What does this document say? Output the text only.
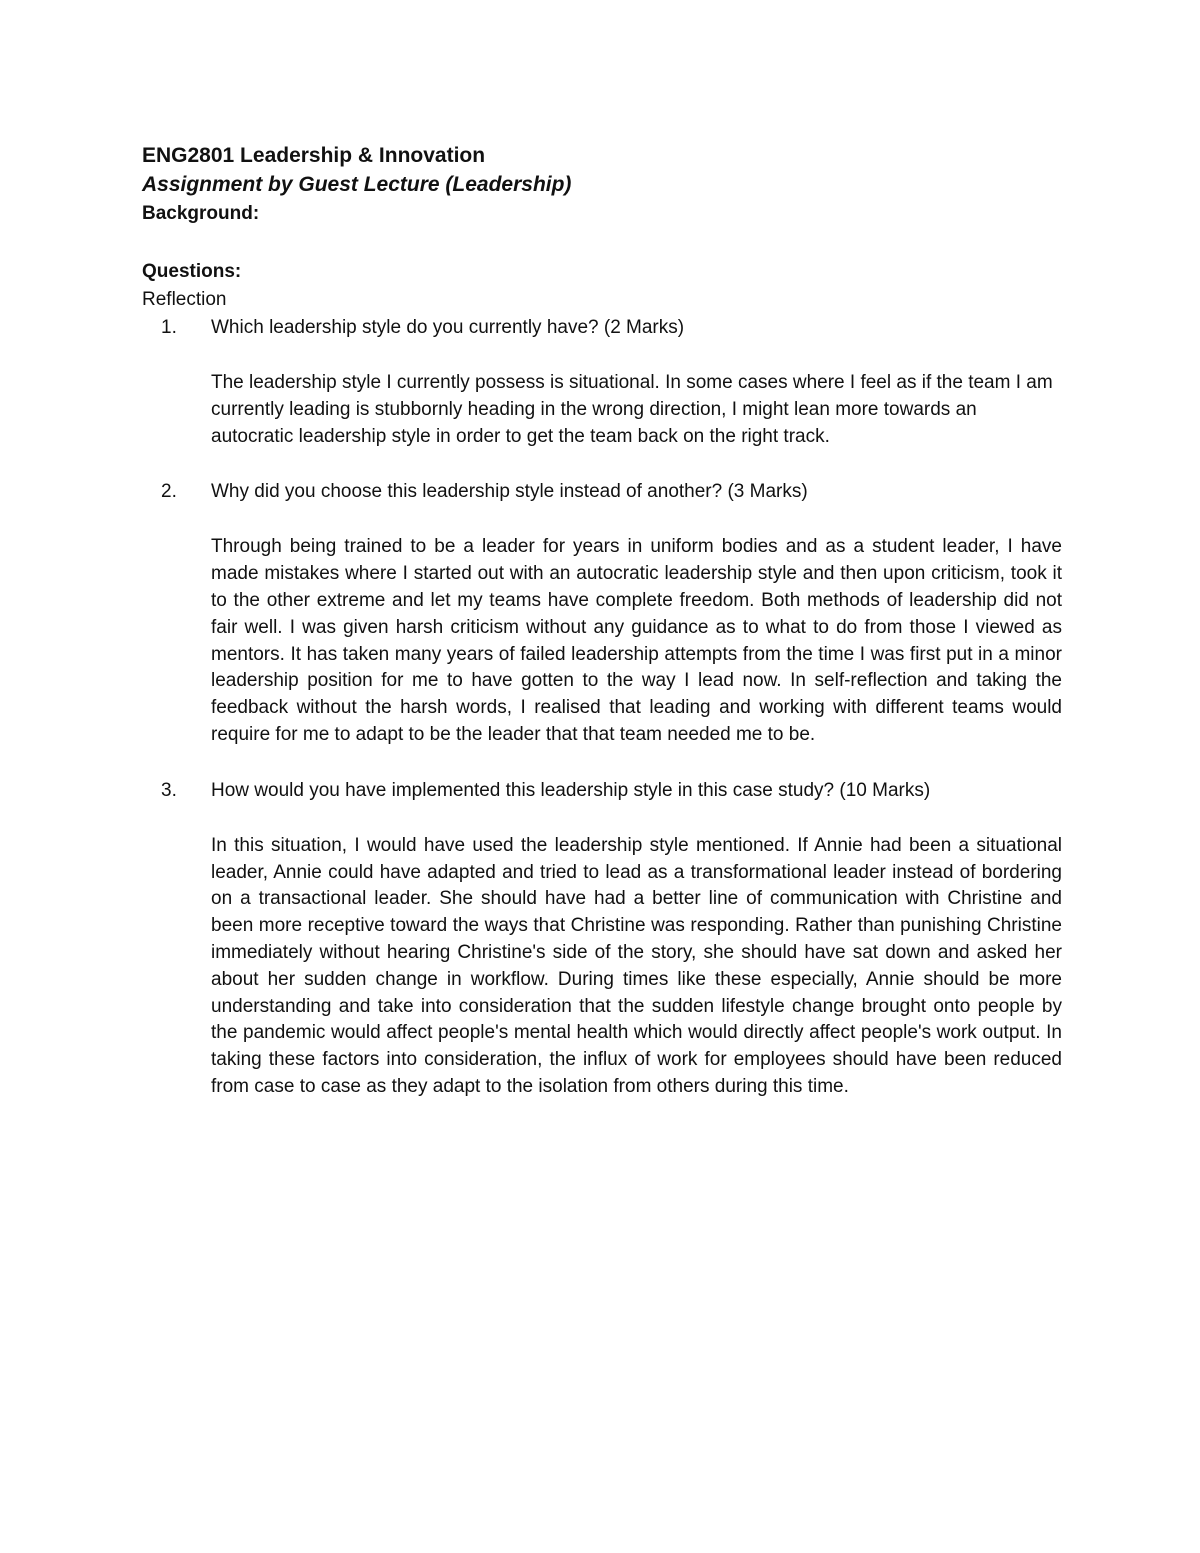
ENG2801 Leadership & Innovation

Assignment by Guest Lecture (Leadership)

Background:

Questions:

Reflection

1. Which leadership style do you currently have? (2 Marks)

The leadership style I currently possess is situational. In some cases where I feel as if the team I am currently leading is stubbornly heading in the wrong direction, I might lean more towards an autocratic leadership style in order to get the team back on the right track.

2. Why did you choose this leadership style instead of another? (3 Marks)

Through being trained to be a leader for years in uniform bodies and as a student leader, I have made mistakes where I started out with an autocratic leadership style and then upon criticism, took it to the other extreme and let my teams have complete freedom. Both methods of leadership did not fair well. I was given harsh criticism without any guidance as to what to do from those I viewed as mentors. It has taken many years of failed leadership attempts from the time I was first put in a minor leadership position for me to have gotten to the way I lead now. In self-reflection and taking the feedback without the harsh words, I realised that leading and working with different teams would require for me to adapt to be the leader that that team needed me to be.

3. How would you have implemented this leadership style in this case study? (10 Marks)

In this situation, I would have used the leadership style mentioned. If Annie had been a situational leader, Annie could have adapted and tried to lead as a transformational leader instead of bordering on a transactional leader. She should have had a better line of communication with Christine and been more receptive toward the ways that Christine was responding. Rather than punishing Christine immediately without hearing Christine's side of the story, she should have sat down and asked her about her sudden change in workflow. During times like these especially, Annie should be more understanding and take into consideration that the sudden lifestyle change brought onto people by the pandemic would affect people's mental health which would directly affect people's work output. In taking these factors into consideration, the influx of work for employees should have been reduced from case to case as they adapt to the isolation from others during this time.
